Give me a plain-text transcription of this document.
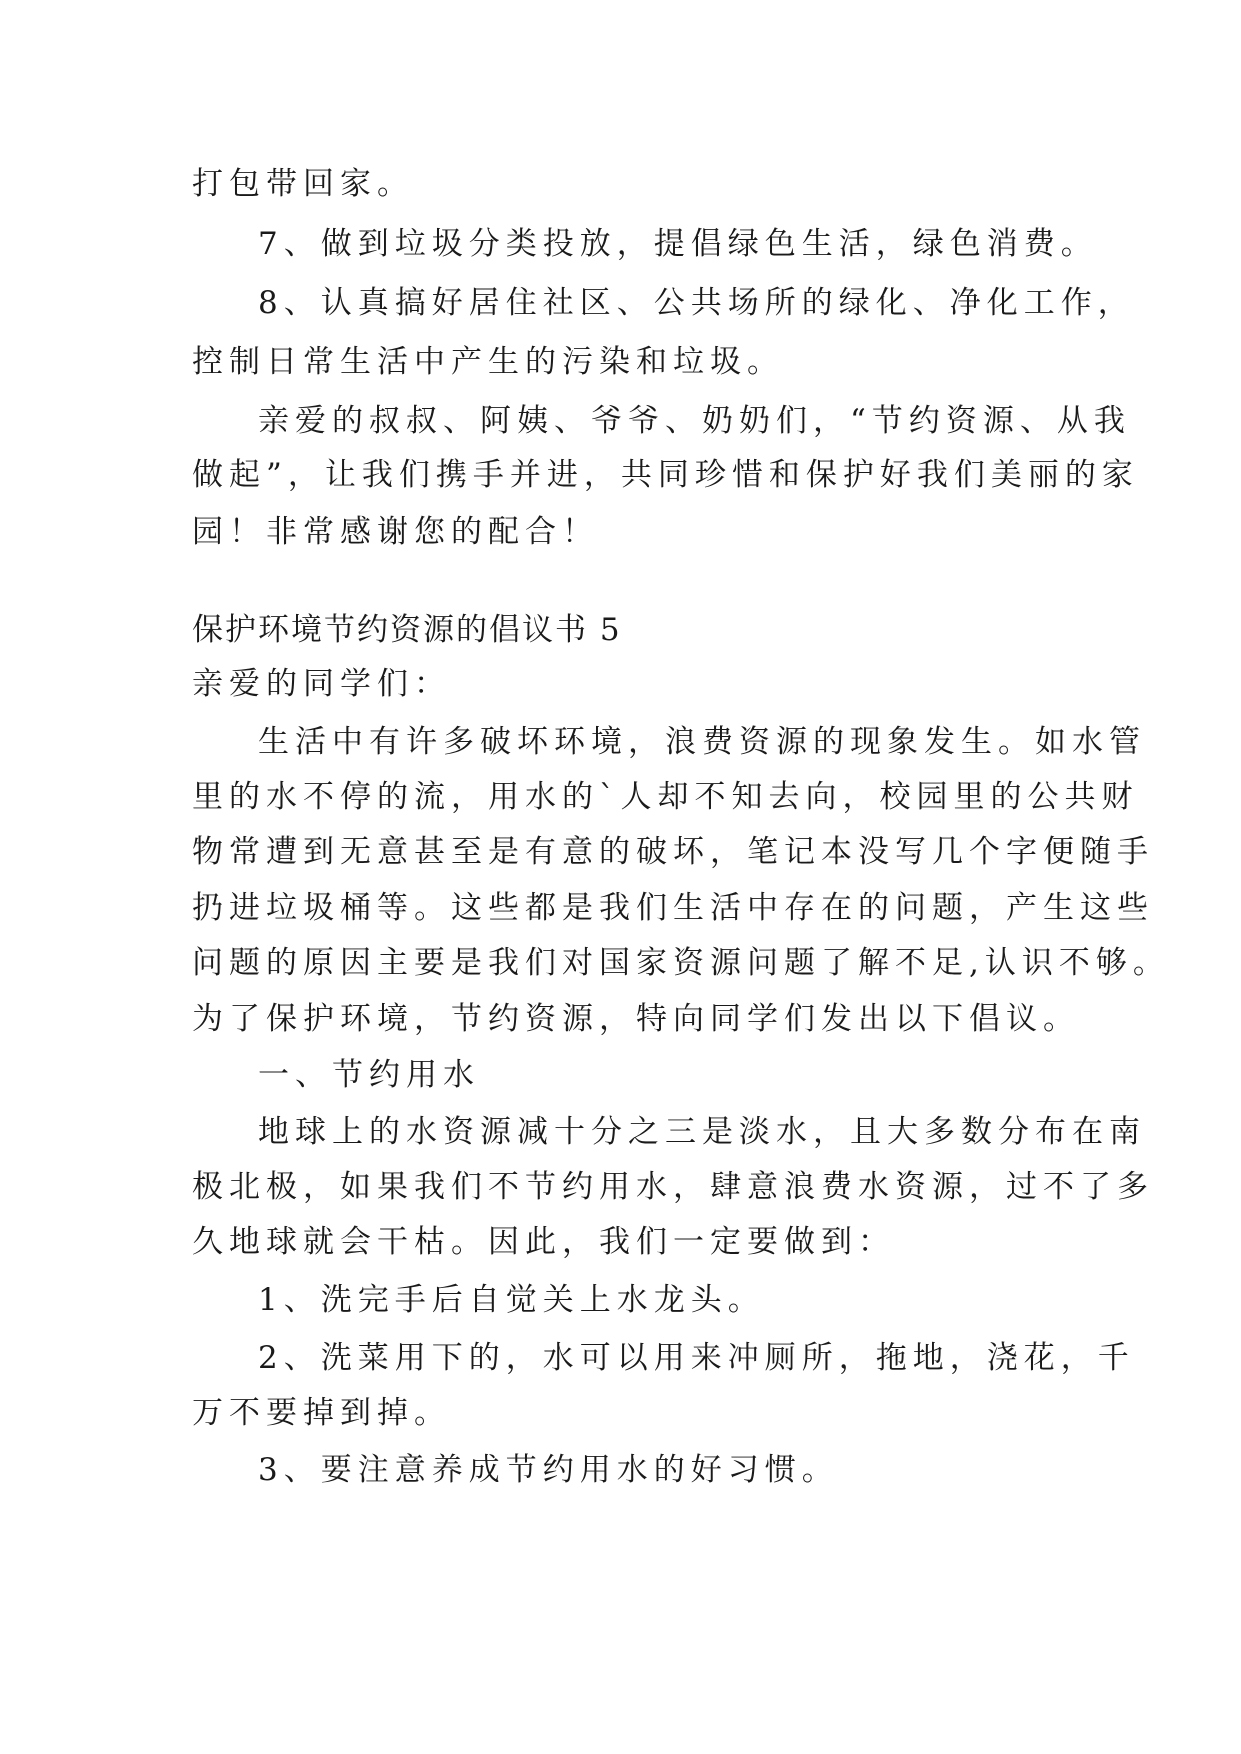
打包带回家。
7、做到垃圾分类投放，提倡绿色生活，绿色消费。
8、认真搞好居住社区、公共场所的绿化、净化工作，
控制日常生活中产生的污染和垃圾。
亲爱的叔叔、阿姨、爷爷、奶奶们，“节约资源、从我
做起”，让我们携手并进，共同珍惜和保护好我们美丽的家
园！非常感谢您的配合！
保护环境节约资源的倡议书 5
亲爱的同学们：
生活中有许多破坏环境，浪费资源的现象发生。如水管
里的水不停的流，用水的`人却不知去向，校园里的公共财
物常遭到无意甚至是有意的破坏，笔记本没写几个字便随手
扔进垃圾桶等。这些都是我们生活中存在的问题，产生这些
问题的原因主要是我们对国家资源问题了解不足,认识不够。
为了保护环境，节约资源，特向同学们发出以下倡议。
一、节约用水
地球上的水资源减十分之三是淡水，且大多数分布在南
极北极，如果我们不节约用水，肆意浪费水资源，过不了多
久地球就会干枯。因此，我们一定要做到：
1、洗完手后自觉关上水龙头。
2、洗菜用下的，水可以用来冲厕所，拖地，浇花，千
万不要掉到掉。
3、要注意养成节约用水的好习惯。
